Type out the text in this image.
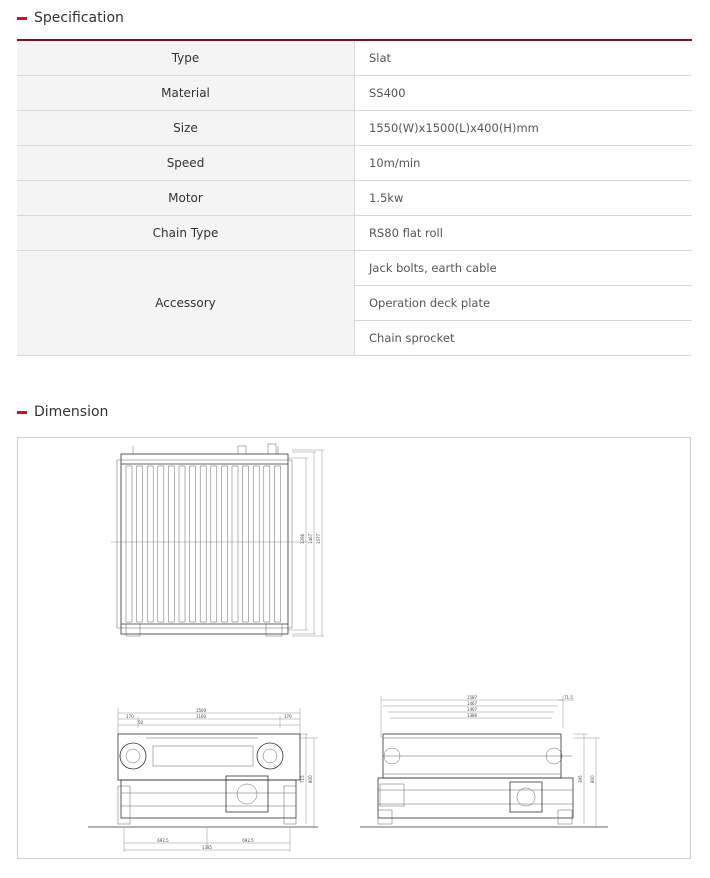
Specification
Type	Slat
Material	SS400
Size	1550(W)x1500(L)x400(H)mm
Speed	10m/min
Motor	1.5kw
Chain Type	RS80 flat roll
Accessory	Jack bolts, earth cable
	Operation deck plate
	Chain sprocket
Dimension
1396 1467 1577
1500
170	1160	170
50
715 800
692.5	692.5
1385
1587
1467
1407
1386
71.5
395 800
